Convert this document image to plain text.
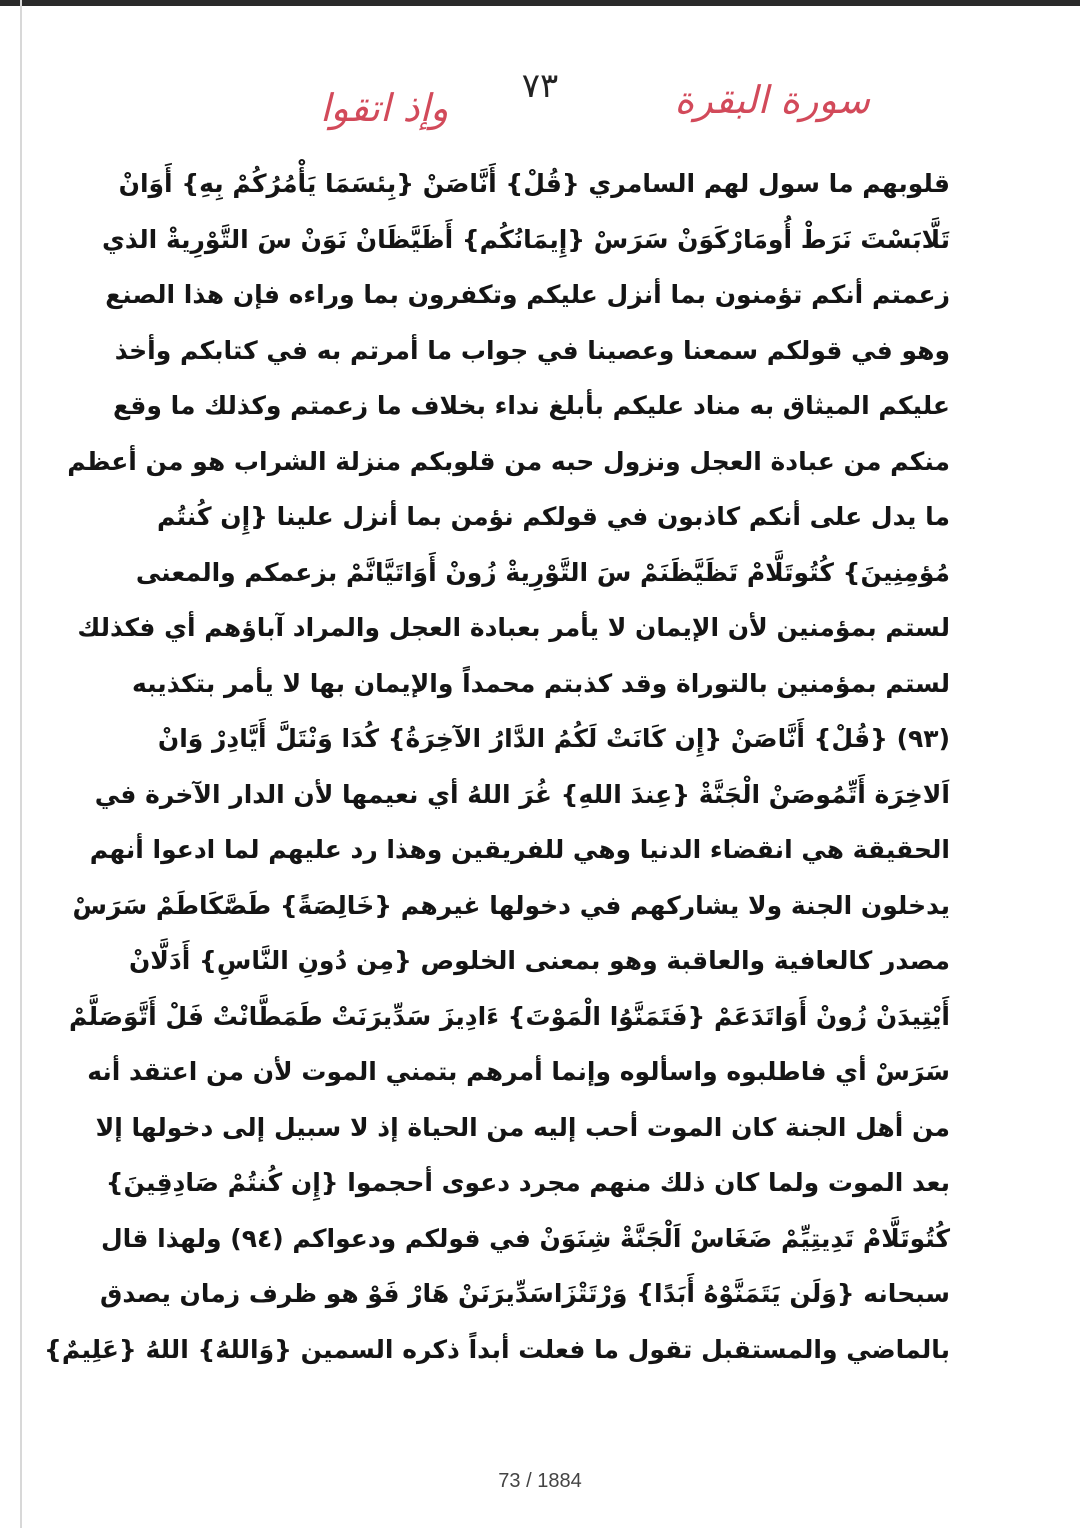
سورة البقرة
٧٣
وإذ اتقوا
قلوبهم ما سول لهم السامري {قُلْ} أَنَّاصَنْ {بِئسَمَا يَأْمُرُكُمْ بِهِ} أَوَانْ
تَلَّابَسْتَ نَرَطْ أُومَارْكَوَنْ سَرَسْ {إِيمَانُكُم} أَظَيَّظَانْ نَوَنْ سَ التَّوْرِيةْ الذي
زعمتم أنكم تؤمنون بما أنزل عليكم وتكفرون بما وراءه فإن هذا الصنع
وهو في قولكم سمعنا وعصينا في جواب ما أمرتم به في كتابكم وأخذ
عليكم الميثاق به مناد عليكم بأبلغ نداء بخلاف ما زعمتم وكذلك ما وقع
منكم من عبادة العجل ونزول حبه من قلوبكم منزلة الشراب هو من أعظم
ما يدل على أنكم كاذبون في قولكم نؤمن بما أنزل علينا {إِن كُنتُم
مُؤمِنِينَ} كُتُوتَلَّامْ تَظَيَّظَنَمْ سَ التَّوْرِيةْ زُونْ أَوَاتَيَّانَّمْ بزعمكم والمعنى
لستم بمؤمنين لأن الإيمان لا يأمر بعبادة العجل والمراد آباؤهم أي فكذلك
لستم بمؤمنين بالتوراة وقد كذبتم محمداً والإيمان بها لا يأمر بتكذيبه
(٩٣) {قُلْ} أَنَّاصَنْ {إِن كَانَتْ لَكُمُ الدَّارُ الآخِرَةُ} كُدَا وَنْتَلَّ أَيَّادِرْ وَانْ
اَلاخِرَة أَتِّمُوصَنْ الْجَنَّةْ {عِندَ اللهِ} غُرَ اللهُ أي نعيمها لأن الدار الآخرة في
الحقيقة هي انقضاء الدنيا وهي للفريقين وهذا رد عليهم لما ادعوا أنهم
يدخلون الجنة ولا يشاركهم في دخولها غيرهم {خَالِصَةً} طَصَّكَاطَمْ سَرَسْ
مصدر كالعافية والعاقبة وهو بمعنى الخلوص {مِن دُونِ النَّاسِ} أَدَلَّانْ
أَيْتِيدَنْ زُونْ أَوَاتَدَعَمْ {فَتَمَنَّوُا الْمَوْتَ} ءَادِيزَ سَدِّيرَنَتْ طَمَطَّانْتْ فَلْ أَتَّوَصَلَّمْ
سَرَسْ أي فاطلبوه واسألوه وإنما أمرهم بتمني الموت لأن من اعتقد أنه
من أهل الجنة كان الموت أحب إليه من الحياة إذ لا سبيل إلى دخولها إلا
بعد الموت ولما كان ذلك منهم مجرد دعوى أحجموا {إِن كُنتُمْ صَادِقِينَ}
كُتُوتَلَّامْ تَدِيتِيِّمْ ضَغَاسْ اَلْجَنَّةْ شِنَوَنْ في قولكم ودعواكم (٩٤) ولهذا قال
سبحانه {وَلَن يَتَمَنَّوْهُ أَبَدًا} وَرْتَتْزَاسَدِّيرَنَنْ هَارْ فَوْ هو ظرف زمان يصدق
بالماضي والمستقبل تقول ما فعلت أبداً ذكره السمين {وَاللهُ} اللهُ {عَلِيمٌ}
73 / 1884
